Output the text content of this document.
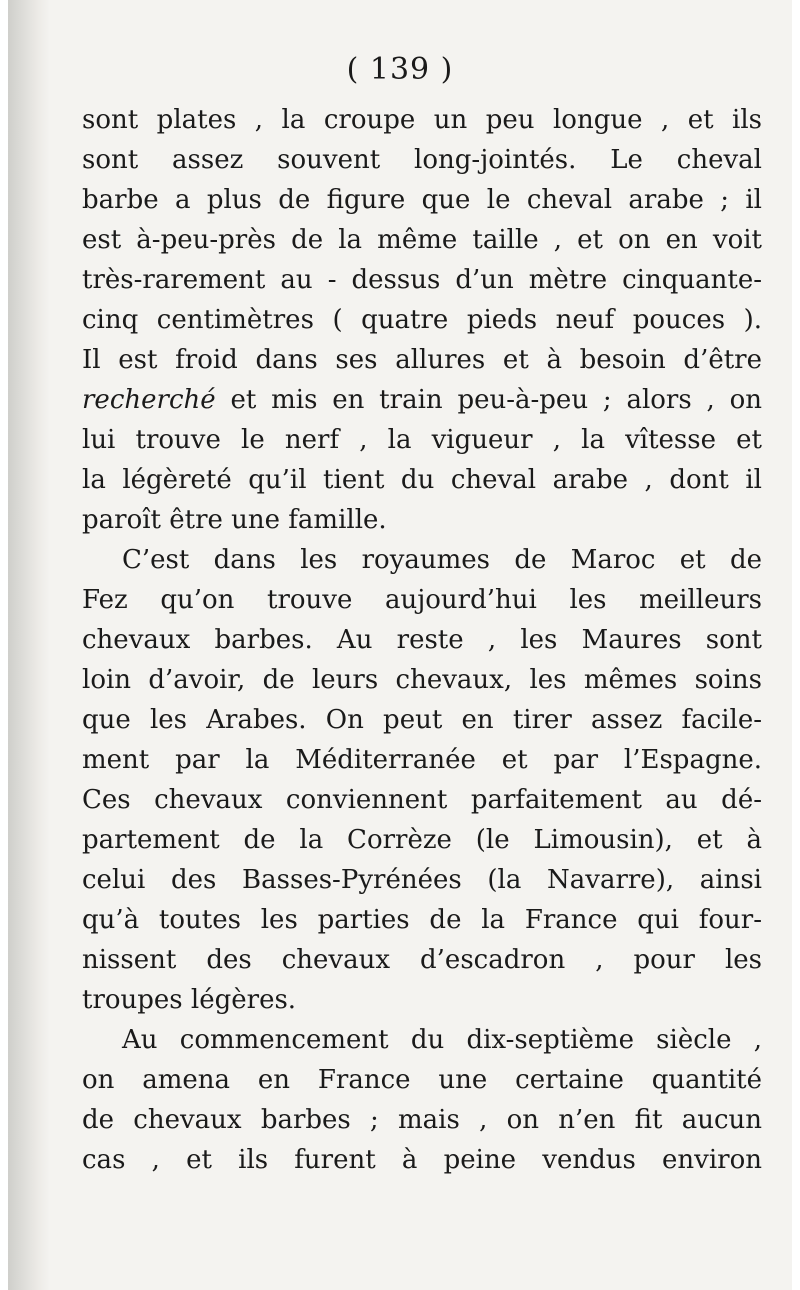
( 139 )
sont plates , la croupe un peu longue , et ils
sont assez souvent long-jointés. Le cheval
barbe a plus de figure que le cheval arabe ; il
est à-peu-près de la même taille , et on en voit
très-rarement au - dessus d’un mètre cinquante-
cinq centimètres ( quatre pieds neuf pouces ).
Il est froid dans ses allures et à besoin d’être
recherché et mis en train peu-à-peu ; alors , on
lui trouve le nerf , la vigueur , la vîtesse et
la légèreté qu’il tient du cheval arabe , dont il
paroît être une famille.
C’est dans les royaumes de Maroc et de
Fez qu’on trouve aujourd’hui les meilleurs
chevaux barbes. Au reste , les Maures sont
loin d’avoir, de leurs chevaux, les mêmes soins
que les Arabes. On peut en tirer assez facile-
ment par la Méditerranée et par l’Espagne.
Ces chevaux conviennent parfaitement au dé-
partement de la Corrèze (le Limousin), et à
celui des Basses-Pyrénées (la Navarre), ainsi
qu’à toutes les parties de la France qui four-
nissent des chevaux d’escadron , pour les
troupes légères.
Au commencement du dix-septième siècle ,
on amena en France une certaine quantité
de chevaux barbes ; mais , on n’en fit aucun
cas , et ils furent à peine vendus environ
